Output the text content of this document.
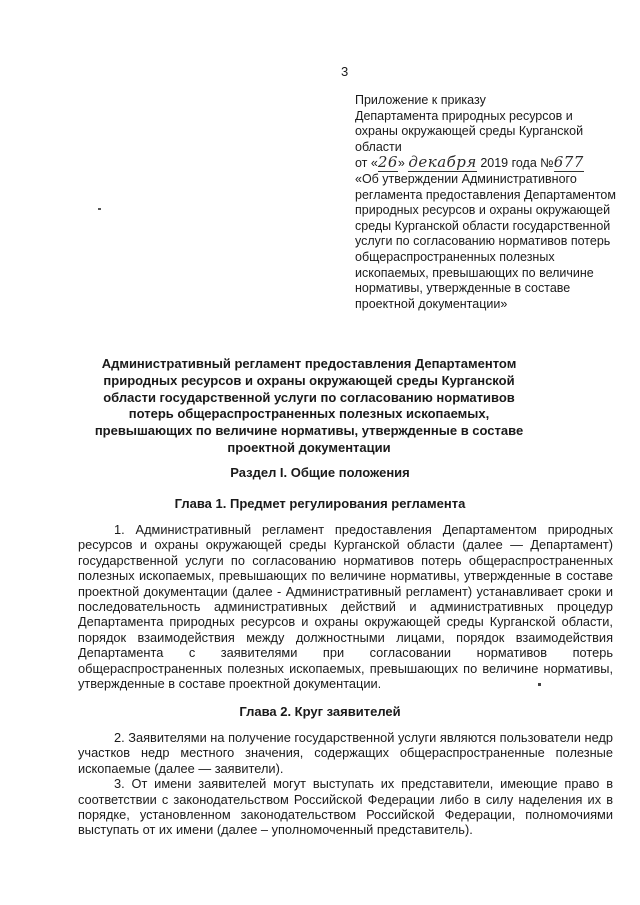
3
Приложение к приказу
Департамента природных ресурсов и
охраны окружающей среды Курганской
области
от «26» декабря 2019 года №677
«Об утверждении Административного регламента предоставления Департаментом природных ресурсов и охраны окружающей среды Курганской области государственной услуги по согласованию нормативов потерь общераспространенных полезных ископаемых, превышающих по величине нормативы, утвержденные в составе проектной документации»
Административный регламент предоставления Департаментом природных ресурсов и охраны окружающей среды Курганской области государственной услуги по согласованию нормативов потерь общераспространенных полезных ископаемых, превышающих по величине нормативы, утвержденные в составе проектной документации
Раздел I. Общие положения
Глава 1. Предмет регулирования регламента

1. Административный регламент предоставления Департаментом природных ресурсов и охраны окружающей среды Курганской области (далее — Департамент) государственной услуги по согласованию нормативов потерь общераспространенных полезных ископаемых, превышающих по величине нормативы, утвержденные в составе проектной документации (далее - Административный регламент) устанавливает сроки и последовательность административных действий и административных процедур Департамента природных ресурсов и охраны окружающей среды Курганской области, порядок взаимодействия между должностными лицами, порядок взаимодействия Департамента с заявителями при согласовании нормативов потерь общераспространенных полезных ископаемых, превышающих по величине нормативы, утвержденные в составе проектной документации.

Глава 2. Круг заявителей

2. Заявителями на получение государственной услуги являются пользователи недр участков недр местного значения, содержащих общераспространенные полезные ископаемые (далее — заявители).

3. От имени заявителей могут выступать их представители, имеющие право в соответствии с законодательством Российской Федерации либо в силу наделения их в порядке, установленном законодательством Российской Федерации, полномочиями выступать от их имени (далее – уполномоченный представитель).
